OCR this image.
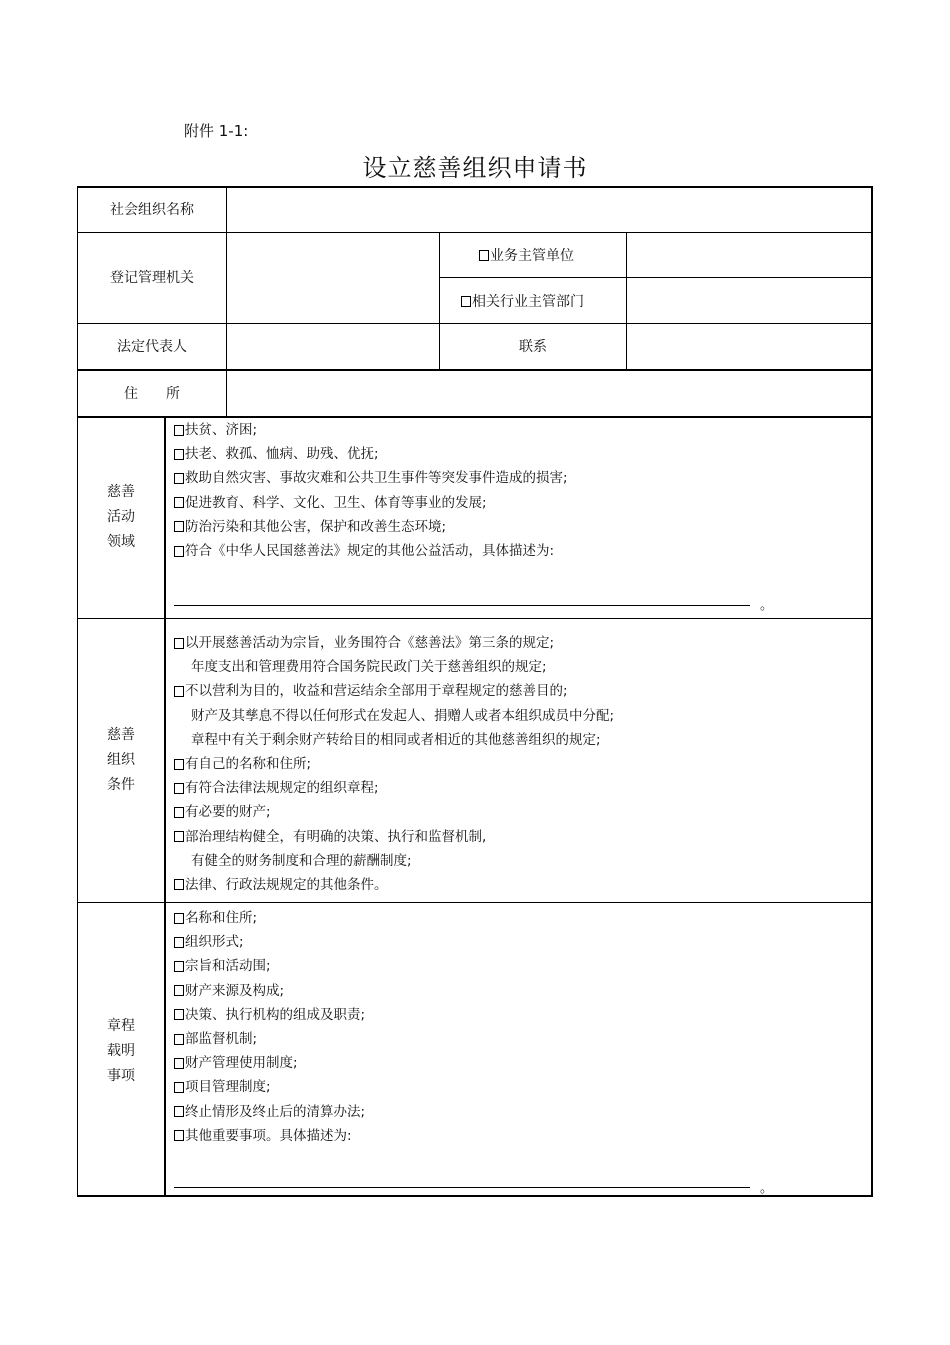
附件 1-1:
设立慈善组织申请书
社会组织名称
登记管理机关
业务主管单位
相关行业主管部门
法定代表人	联系
住　　所
慈善
活动
领域
扶贫、济困;
扶老、救孤、恤病、助残、优抚;
救助自然灾害、事故灾难和公共卫生事件等突发事件造成的损害;
促进教育、科学、文化、卫生、体育等事业的发展;
防治污染和其他公害，保护和改善生态环境;
符合《中华人民国慈善法》规定的其他公益活动，具体描述为:
。
慈善
组织
条件
以开展慈善活动为宗旨，业务围符合《慈善法》第三条的规定;
年度支出和管理费用符合国务院民政门关于慈善组织的规定;
不以营利为目的，收益和营运结余全部用于章程规定的慈善目的;
财产及其孳息不得以任何形式在发起人、捐赠人或者本组织成员中分配;
章程中有关于剩余财产转给目的相同或者相近的其他慈善组织的规定;
有自己的名称和住所;
有符合法律法规规定的组织章程;
有必要的财产;
部治理结构健全，有明确的决策、执行和监督机制,
有健全的财务制度和合理的薪酬制度;
法律、行政法规规定的其他条件。
章程
载明
事项
名称和住所;
组织形式;
宗旨和活动围;
财产来源及构成;
决策、执行机构的组成及职责;
部监督机制;
财产管理使用制度;
项目管理制度;
终止情形及终止后的清算办法;
其他重要事项。具体描述为:
。
